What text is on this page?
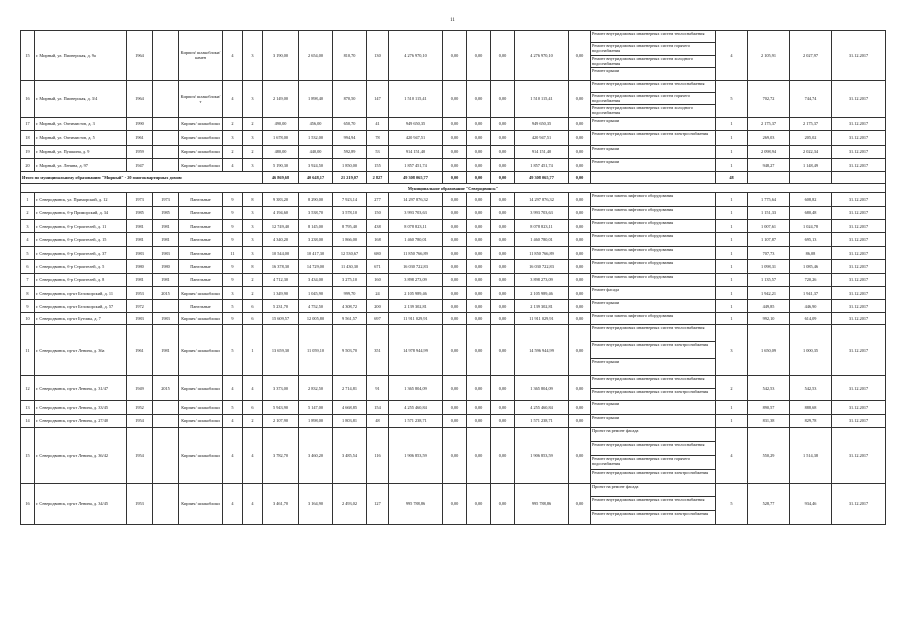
11
15	г. Мирный, ул. Пионерская, д. 9а	1964		Кирпич/ шлакоблоки/ камен	4	3	3 190,00	2 654,00	810,70	130	4 276 970,10	0,00	0,00	0,00	4 276 970,10	0,00	Ремонт внутридомовых инженерных систем теплоснабжения
Ремонт внутридомовых инженерных систем горячего водоснабжения
Ремонт внутридомовых инженерных систем холодного водоснабжения
Ремонт крыши	4	2 105,91	2 027,97	31.12.2017
16	г. Мирный, ул. Пионерская, д. 3/4	1964		Кирпич/ шлакоблоки/ т	4	3	2 149,00	1 898,40	870,50	147	1 510 115,41	0,00	0,00	0,00	1 510 115,41	0,00	Ремонт внутридомовых инженерных систем теплоснабжения
Ремонт внутридомовых инженерных систем горячего водоснабжения
Ремонт внутридомовых инженерных систем холодного водоснабжения	5	702,72	744,74	31.12.2017
17	г. Мирный, ул. Оптимистов, д. 3	1990		Кирпич/ шлакоблоки	2	2	490,00	456,00	650,70	41	949 650,35	0,00	0,00	0,00	949 650,35	0,00	Ремонт крыши	1	2 175,37	2 175,37	31.12.2017
18	г. Мирный, ул. Оптимистов, д. 5	1961		Кирпич/ шлакоблоки	3	3	1 678,00	1 532,00	994,94	78	420 947,51	0,00	0,00	0,00	420 947,51	0,00	Ремонт внутридомовых инженерных систем электроснабжения	1	269,03	205,02	31.12.2017
19	г. Мирный, ул. Пушкина, д. 9	1959		Кирпич/ шлакоблоки	2	2	480,00	440,00	592,89	53	914 151,40	0,00	0,00	0,00	914 151,40	0,00	Ремонт крыши	1	2 098,94	2 022,34	31.12.2017
20	г. Мирный, ул. Ленина, д. 97	1947		Кирпич/ шлакоблоки	4	3	5 190,30	3 924,50	1 850,00	155	1 857 451,74	0,00	0,00	0,00	1 857 451,74	0,00	Ремонт крыши	1	948,27	1 148,49	31.12.2017
Итого по муниципальному образованию "Мирный" - 20 многоквартирных домов:							46 869,68	40 648,17	21 219,07	2 827	49 308 065,77	0,00	0,00	0,00	49 308 065,77	0,00		48			
Муниципальное образование "Северодвинск"																					
1	г. Северодвинск, ул. Приморский, д. 12	1973	1973	Панельные	9	8	9 383,20	8 290,00	7 923,14	277	14 297 876,32	0,00	0,00	0,00	14 297 876,32	0,00	Ремонт или замена лифтового оборудования	1	1 775,64	608,82	31.12.2017
2	г. Северодвинск, б-р Приморский, д. 34	1985	1985	Панельные	9	3	4 194,60	3 538,70	3 578,10	150	3 993 703,63	0,00	0,00	0,00	3 993 703,63	0,00	Ремонт или замена лифтового оборудования	1	1 151,33	680,48	31.12.2017
3	г. Северодвинск, б-р Строителей, д. 11	1981	1981	Панельные	9	3	12 749,40	8 145,00	8 795,40	438	8 078 823,11	0,00	0,00	0,00	8 078 823,11	0,00	Ремонт или замена лифтового оборудования	1	1 007,61	1 024,78	31.12.2017
4	г. Северодвинск, б-р Строителей, д. 15	1981	1981	Панельные	9	3	4 340,20	3 238,00	1 866,00	168	1 460 780,01	0,00	0,00	0,00	1 460 780,01	0,00	Ремонт или замена лифтового оборудования	1	1 107,87	695,13	31.12.2017
5	г. Северодвинск, б-р Строителей, д. 37	1983	1983	Панельные	11	3	10 544,00	10 417,30	12 530,67	680	11 850 766,89	0,00	0,00	0,00	11 850 766,89	0,00	Ремонт или замена лифтового оборудования	1	707,73	86,08	31.12.2017
6	г. Северодвинск, б-р Строителей, д. 5	1980	1980	Панельные	9	8	16 378,30	14 729,00	11 430,30	671	16 030 722,83	0,00	0,00	0,00	16 030 722,83	0,00	Ремонт или замена лифтового оборудования	1	1 098,31	1 085,46	31.12.2017
7	г. Северодвинск, б-р Строителей, д. 8	1981	1981	Панельные	9	2	4 712,30	3 434,00	3 275,10	160	3 898 273,09	0,00	0,00	0,00	3 898 273,09	0,00	Ремонт или замена лифтового оборудования	1	1 135,57	720,26	31.12.2017
8	г. Северодвинск, пр-кт Беломорский, д. 11	1953	2015	Кирпич/ шлакоблоки	3	2	1 349,90	1 045,90	999,70	24	2 105 989,46	0,00	0,00	0,00	2 105 989,46	0,00	Ремонт фасада	1	1 942,21	1 941,37	31.12.2017
9	г. Северодвинск, пр-кт Беломорский, д. 57	1972		Панельные	5	6	5 231,70	4 752,50	4 308,72	200	2 139 302,81	0,00	0,00	0,00	2 139 302,81	0,00	Ремонт крыши	1	449,85	446,90	31.12.2017
10	г. Северодвинск, пр-кт Бутомы, д. 7	1983	1983	Кирпич/ шлакоблоки	9	6	15 609,57	12 005,80	9 561,57	697	11 911 029,91	0,00	0,00	0,00	11 911 029,91	0,00	Ремонт или замена лифтового оборудования	1	992,10	614,09	31.12.2017
11	г. Северодвинск, пр-кт Ленина, д. 36а	1961	1981	Кирпич/ шлакоблоки	5	1	13 659,30	11 059,10	9 503,70	351	14 978 944,99	0,00	0,00	0,00	14 596 944,99	0,00	Ремонт внутридомовых инженерных систем теплоснабжения
Ремонт внутридомовых инженерных систем электроснабжения
Ремонт крыши	3	1 650,09	1 000,35	31.12.2017
12	г. Северодвинск, пр-кт Ленина, д. 31/47	1949	2015	Кирпич/ шлакоблоки	4	4	3 373,00	2 832,50	2 714,81	91	1 365 804,09	0,00	0,00	0,00	1 365 804,09	0,00	Ремонт внутридомовых инженерных систем теплоснабжения
Ремонт внутридомовых инженерных систем электроснабжения	2	542,53	542,53	31.12.2017
13	г. Северодвинск, пр-кт Ленина, д. 33/45	1952		Кирпич/ шлакоблоки	5	6	5 943,90	5 147,00	4 668,85	154	4 255 460,84	0,00	0,00	0,00	4 255 460,84	0,00	Ремонт крыши	1	890,57	888,68	31.12.2017
14	г. Северодвинск, пр-кт Ленина, д. 27/40	1954		Кирпич/ шлакоблоки	4	2	2 107,90	1 898,00	1 803,81	48	1 571 238,71	0,00	0,00	0,00	1 571 238,71	0,00	Ремонт крыши	1	831,38	829,78	31.12.2017
15	г. Северодвинск, пр-кт Ленина, д. 36/42	1954		Кирпич/ шлакоблоки	4	4	3 782,70	3 460,20	3 485,54	116	1 906 853,59	0,00	0,00	0,00	1 906 853,59	0,00	Проект на ремонт фасада
Ремонт внутридомовых инженерных систем теплоснабжения
Ремонт внутридомовых инженерных систем горячего водоснабжения
Ремонт внутридомовых инженерных систем электроснабжения	4	550,29	1 514,38	31.12.2017
16	г. Северодвинск, пр-кт Ленина, д. 34/45	1953		Кирпич/ шлакоблоки	4	4	3 461,70	3 164,90	2 493,02	127	995 788,86	0,00	0,00	0,00	995 788,86	0,00	Проект на ремонт фасада
Ремонт внутридомовых инженерных систем теплоснабжения
Ремонт внутридомовых инженерных систем электроснабжения	5	528,77	934,46	31.12.2017
